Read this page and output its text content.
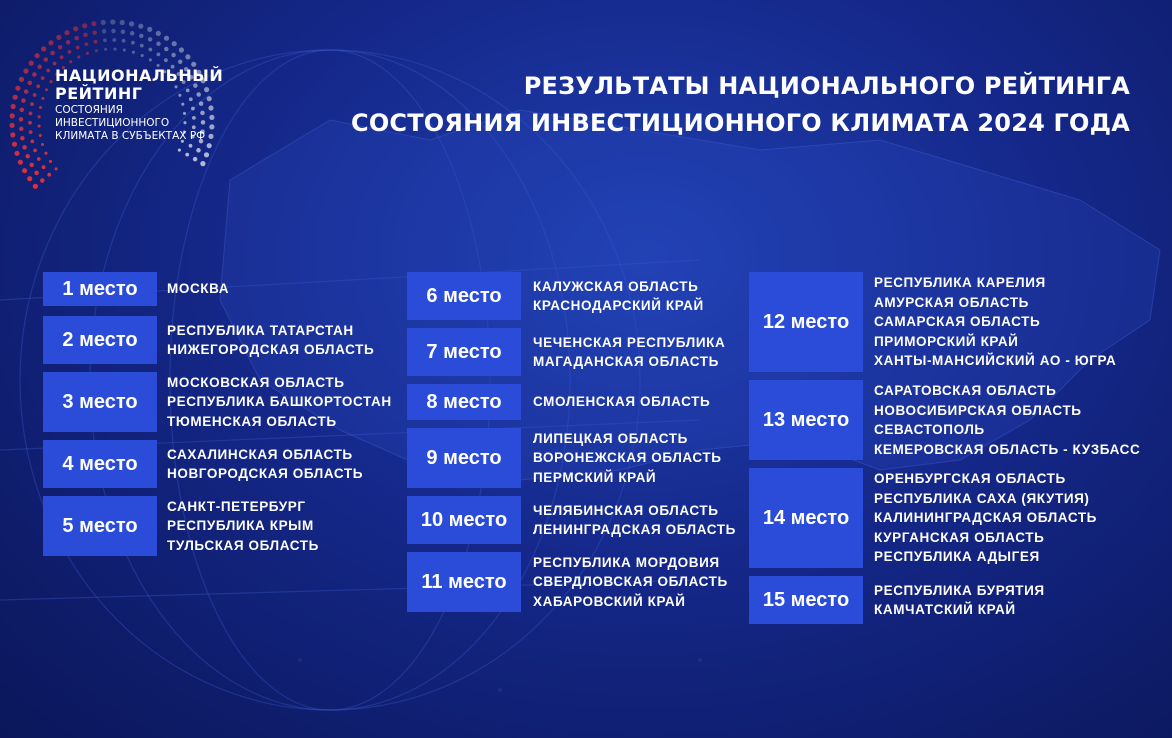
НАЦИОНАЛЬНЫЙ
РЕЙТИНГ
СОСТОЯНИЯ
ИНВЕСТИЦИОННОГО
КЛИМАТА В СУБЪЕКТАХ РФ
РЕЗУЛЬТАТЫ НАЦИОНАЛЬНОГО РЕЙТИНГА
СОСТОЯНИЯ ИНВЕСТИЦИОННОГО КЛИМАТА 2024 ГОДА
1 место МОСКВА
2 место РЕСПУБЛИКА ТАТАРСТАН
НИЖЕГОРОДСКАЯ ОБЛАСТЬ
3 место
МОСКОВСКАЯ ОБЛАСТЬ
РЕСПУБЛИКА БАШКОРТОСТАН
ТЮМЕНСКАЯ ОБЛАСТЬ
4 место САХАЛИНСКАЯ ОБЛАСТЬ
НОВГОРОДСКАЯ ОБЛАСТЬ
5 место
САНКТ-ПЕТЕРБУРГ
РЕСПУБЛИКА КРЫМ
ТУЛЬСКАЯ ОБЛАСТЬ
6 место КАЛУЖСКАЯ ОБЛАСТЬ
КРАСНОДАРСКИЙ КРАЙ
7 место ЧЕЧЕНСКАЯ РЕСПУБЛИКА
МАГАДАНСКАЯ ОБЛАСТЬ
8 место СМОЛЕНСКАЯ ОБЛАСТЬ
9 место
ЛИПЕЦКАЯ ОБЛАСТЬ
ВОРОНЕЖСКАЯ ОБЛАСТЬ
ПЕРМСКИЙ КРАЙ
10 место ЧЕЛЯБИНСКАЯ ОБЛАСТЬ
ЛЕНИНГРАДСКАЯ ОБЛАСТЬ
11 место
РЕСПУБЛИКА МОРДОВИЯ
СВЕРДЛОВСКАЯ ОБЛАСТЬ
ХАБАРОВСКИЙ КРАЙ
12 место
РЕСПУБЛИКА КАРЕЛИЯ
АМУРСКАЯ ОБЛАСТЬ
САМАРСКАЯ ОБЛАСТЬ
ПРИМОРСКИЙ КРАЙ
ХАНТЫ-МАНСИЙСКИЙ АО - ЮГРА
13 место
САРАТОВСКАЯ ОБЛАСТЬ
НОВОСИБИРСКАЯ ОБЛАСТЬ
СЕВАСТОПОЛЬ
КЕМЕРОВСКАЯ ОБЛАСТЬ - КУЗБАСС
14 место
ОРЕНБУРГСКАЯ ОБЛАСТЬ
РЕСПУБЛИКА САХА (ЯКУТИЯ)
КАЛИНИНГРАДСКАЯ ОБЛАСТЬ
КУРГАНСКАЯ ОБЛАСТЬ
РЕСПУБЛИКА АДЫГЕЯ
15 место РЕСПУБЛИКА БУРЯТИЯ
КАМЧАТСКИЙ КРАЙ
